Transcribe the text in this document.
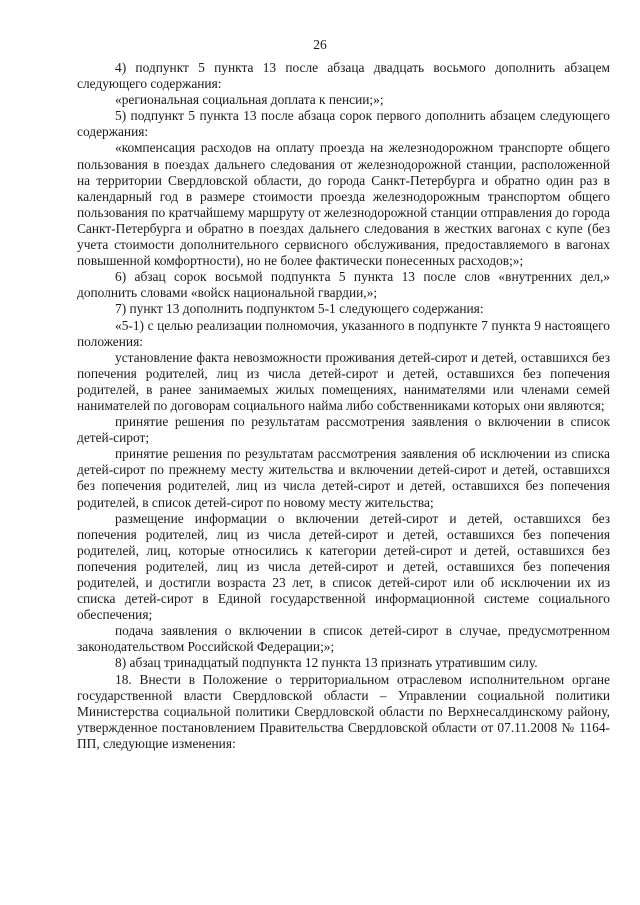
26

4) подпункт 5 пункта 13 после абзаца двадцать восьмого дополнить абзацем следующего содержания:

«региональная социальная доплата к пенсии;»;

5) подпункт 5 пункта 13 после абзаца сорок первого дополнить абзацем следующего содержания:

«компенсация расходов на оплату проезда на железнодорожном транспорте общего пользования в поездах дальнего следования от железнодорожной станции, расположенной на территории Свердловской области, до города Санкт-Петербурга и обратно один раз в календарный год в размере стоимости проезда железнодорожным транспортом общего пользования по кратчайшему маршруту от железнодорожной станции отправления до города Санкт-Петербурга и обратно в поездах дальнего следования в жестких вагонах с купе (без учета стоимости дополнительного сервисного обслуживания, предоставляемого в вагонах повышенной комфортности), но не более фактически понесенных расходов;»;

6) абзац сорок восьмой подпункта 5 пункта 13 после слов «внутренних дел,» дополнить словами «войск национальной гвардии,»;

7) пункт 13 дополнить подпунктом 5-1 следующего содержания:

«5-1) с целью реализации полномочия, указанного в подпункте 7 пункта 9 настоящего положения:

установление факта невозможности проживания детей-сирот и детей, оставшихся без попечения родителей, лиц из числа детей-сирот и детей, оставшихся без попечения родителей, в ранее занимаемых жилых помещениях, нанимателями или членами семей нанимателей по договорам социального найма либо собственниками которых они являются;

принятие решения по результатам рассмотрения заявления о включении в список детей-сирот;

принятие решения по результатам рассмотрения заявления об исключении из списка детей-сирот по прежнему месту жительства и включении детей-сирот и детей, оставшихся без попечения родителей, лиц из числа детей-сирот и детей, оставшихся без попечения родителей, в список детей-сирот по новому месту жительства;

размещение информации о включении детей-сирот и детей, оставшихся без попечения родителей, лиц из числа детей-сирот и детей, оставшихся без попечения родителей, лиц, которые относились к категории детей-сирот и детей, оставшихся без попечения родителей, лиц из числа детей-сирот и детей, оставшихся без попечения родителей, и достигли возраста 23 лет, в список детей-сирот или об исключении их из списка детей-сирот в Единой государственной информационной системе социального обеспечения;

подача заявления о включении в список детей-сирот в случае, предусмотренном законодательством Российской Федерации;»;

8) абзац тринадцатый подпункта 12 пункта 13 признать утратившим силу.

18. Внести в Положение о территориальном отраслевом исполнительном органе государственной власти Свердловской области – Управлении социальной политики Министерства социальной политики Свердловской области по Верхнесалдинскому району, утвержденное постановлением Правительства Свердловской области от 07.11.2008 № 1164-ПП, следующие изменения:
